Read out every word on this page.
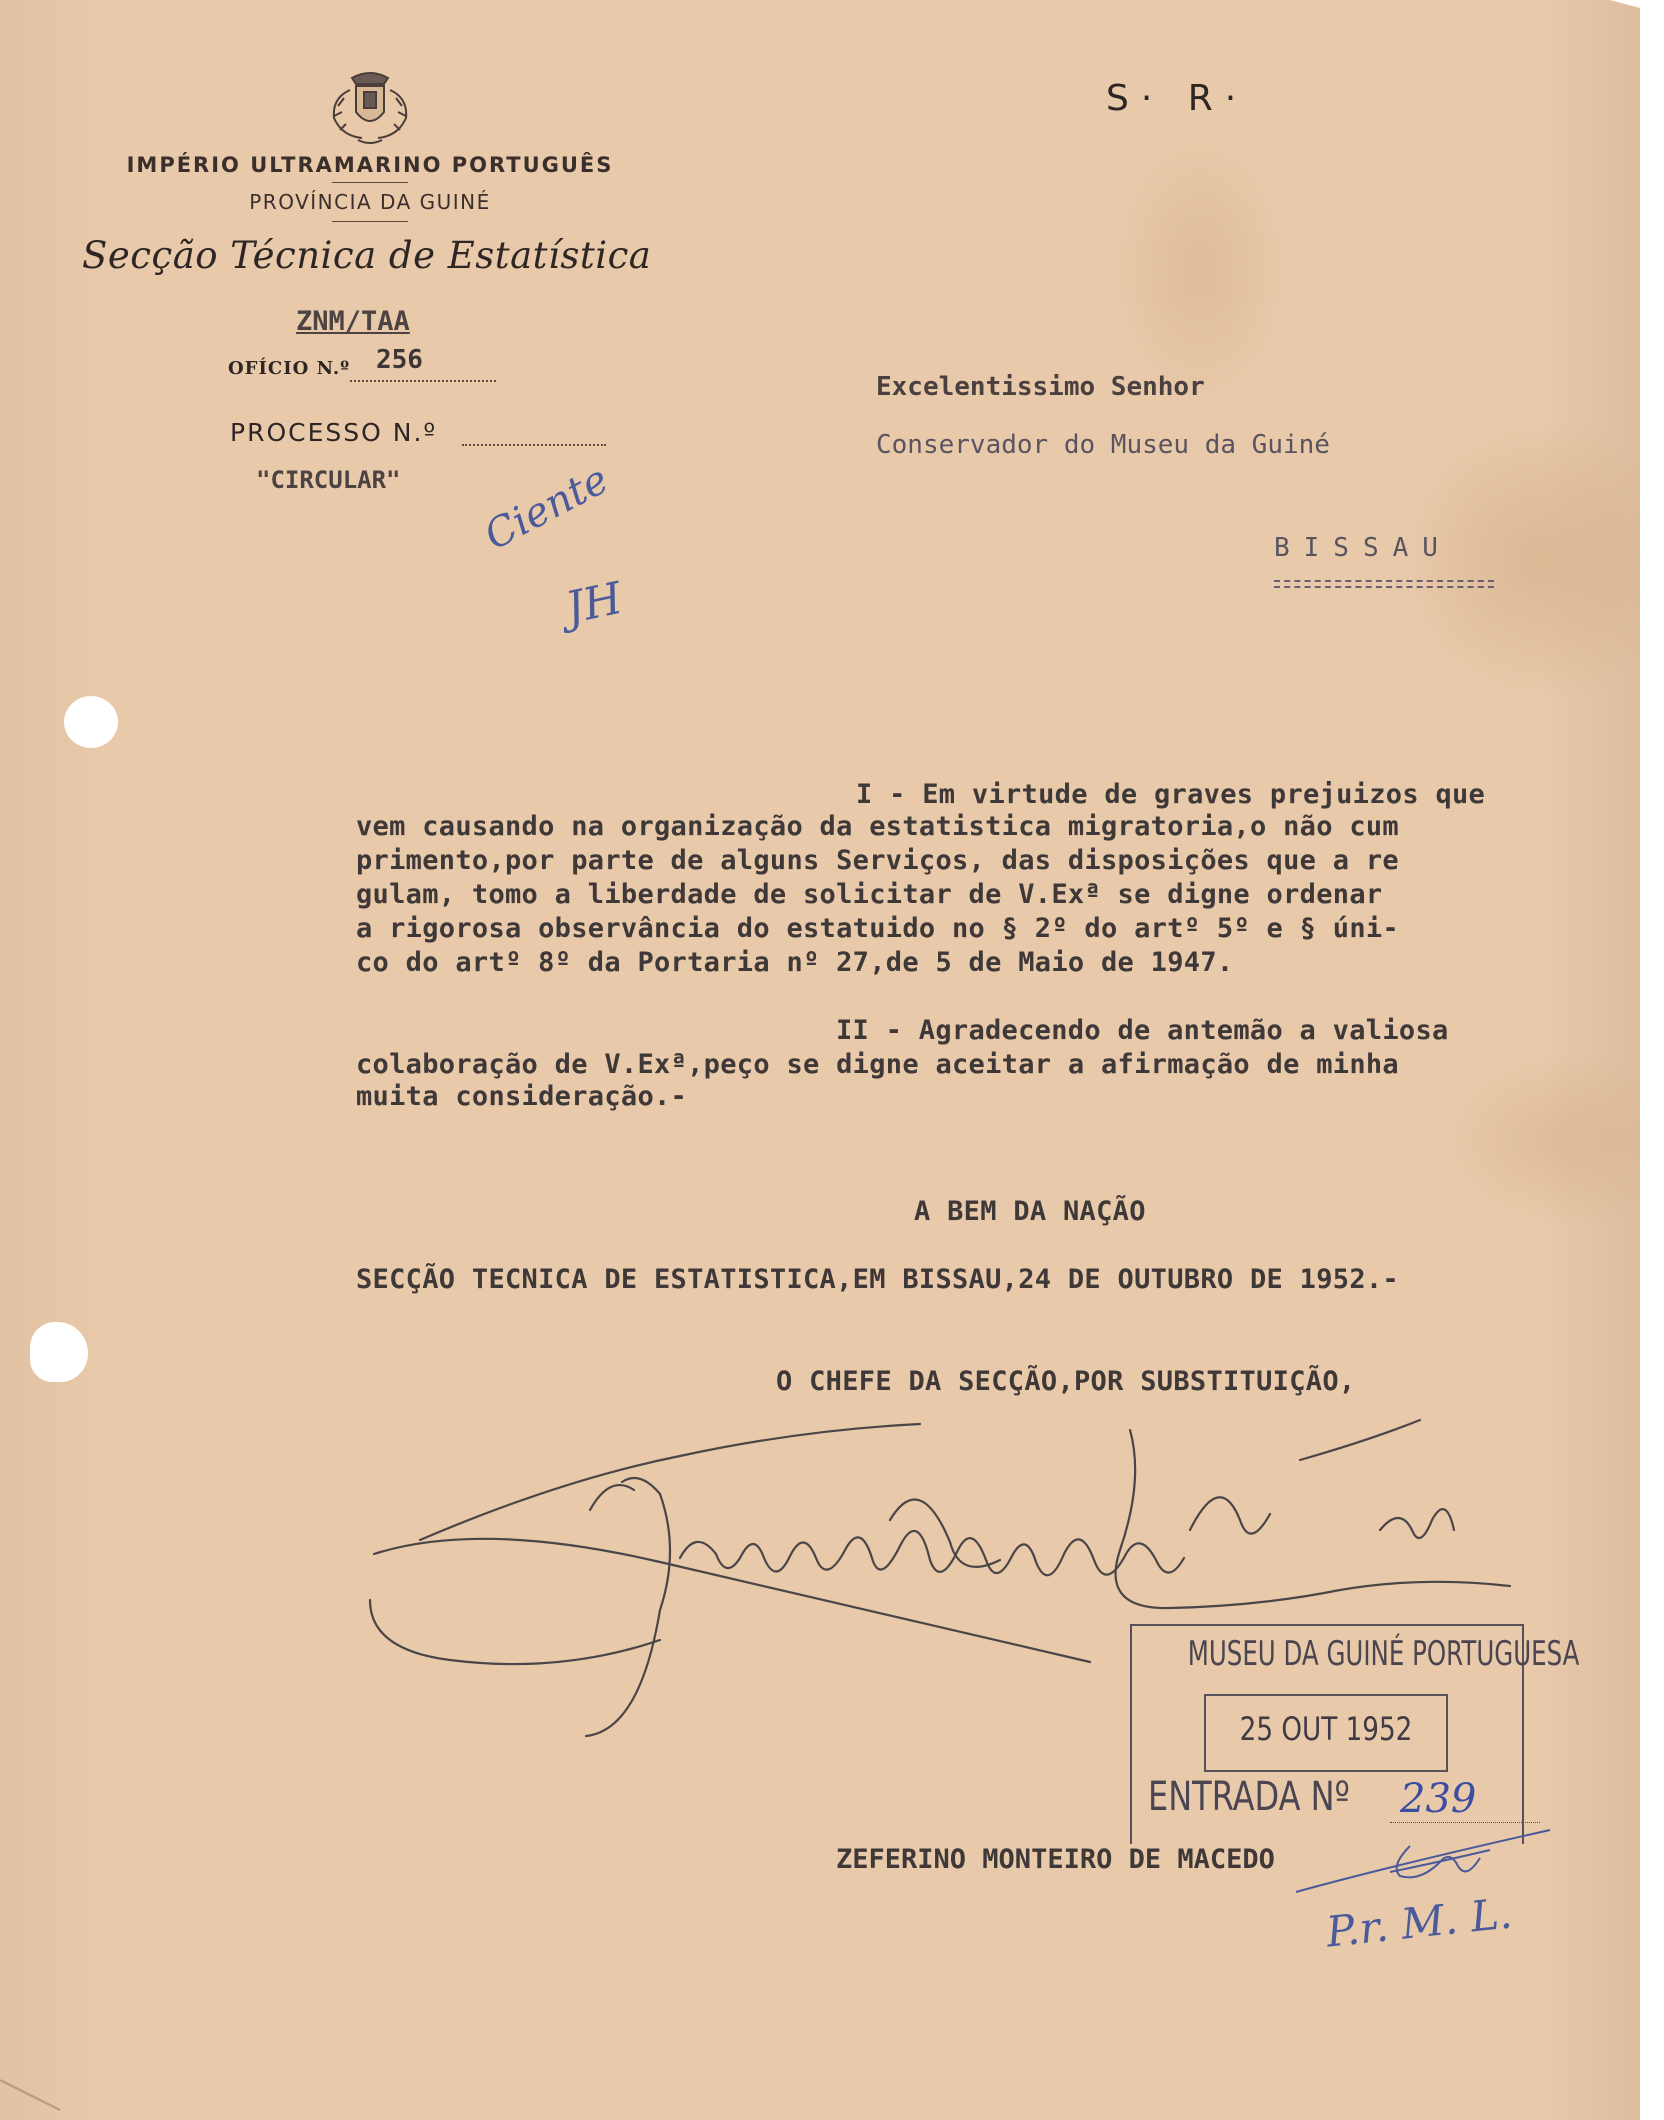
IMPÉRIO ULTRAMARINO PORTUGUÊS
PROVÍNCIA DA GUINÉ
Secção Técnica de Estatística
ZNM/TAA
OFÍCIO N.º 256
PROCESSO N.º
"CIRCULAR"
S· R·
Ciente
JH
Excelentissimo Senhor
Conservador do Museu da Guiné
BISSAU
I - Em virtude de graves prejuizos que
vem causando na organização da estatistica migratoria,o não cum
primento,por parte de alguns Serviços, das disposições que a re
gulam, tomo a liberdade de solicitar de V.Exª se digne ordenar
a rigorosa observância do estatuido no § 2º do artº 5º e § úni-
co do artº 8º da Portaria nº 27,de 5 de Maio de 1947.
II - Agradecendo de antemão a valiosa
colaboração de V.Exª,peço se digne aceitar a afirmação de minha
muita consideração.-
A BEM DA NAÇÃO
SECÇÃO TECNICA DE ESTATISTICA,EM BISSAU,24 DE OUTUBRO DE 1952.-
O CHEFE DA SECÇÃO,POR SUBSTITUIÇÃO,
MUSEU DA GUINÉ PORTUGUESA
25 OUT 1952
ENTRADA Nº 239
ZEFERINO MONTEIRO DE MACEDO
P.r. M. L.
